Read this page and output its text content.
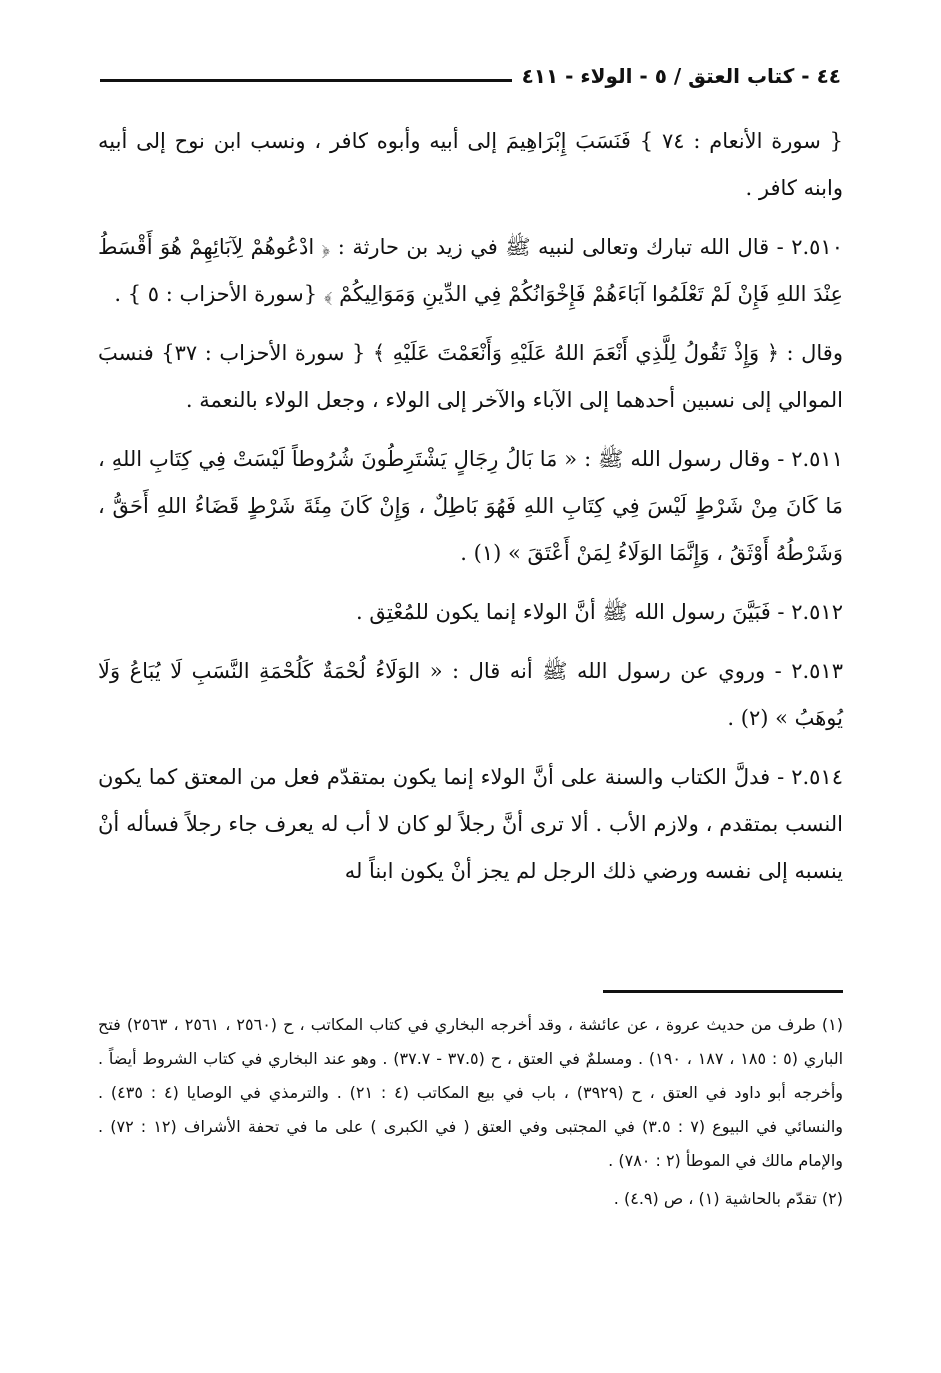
٤٤ - كتاب العتق / ٥ - الولاء - ٤١١

{ سورة الأنعام : ٧٤ } فَنَسَبَ إِبْرَاهِيمَ إلى أبيه وأبوه كافر ، ونسب ابن نوح إلى أبيه وابنه كافر .

٢.٥١٠ - قال الله تبارك وتعالى لنبيه ﷺ في زيد بن حارثة : ﴿ ادْعُوهُمْ لِآبَائِهِمْ هُوَ أَقْسَطُ عِنْدَ اللهِ فَإِنْ لَمْ تَعْلَمُوا آبَاءَهُمْ فَإِخْوَانُكُمْ فِي الدِّينِ وَمَوَالِيكُمْ ﴾ {سورة الأحزاب : ٥ } .

وقال : ﴿ وَإِذْ تَقُولُ لِلَّذِي أَنْعَمَ اللهُ عَلَيْهِ وَأَنْعَمْتَ عَلَيْهِ ﴾ { سورة الأحزاب : ٣٧} فنسبَ الموالي إلى نسبين أحدهما إلى الآباء والآخر إلى الولاء ، وجعل الولاء بالنعمة .

٢.٥١١ - وقال رسول الله ﷺ : « مَا بَالُ رِجَالٍ يَشْتَرِطُونَ شُرُوطاً لَيْسَتْ فِي كِتَابِ اللهِ ، مَا كَانَ مِنْ شَرْطٍ لَيْسَ فِي كِتَابِ اللهِ فَهُوَ بَاطِلٌ ، وَإِنْ كَانَ مِئَةَ شَرْطٍ قَضَاءُ اللهِ أَحَقُّ ، وَشَرْطُهُ أَوْثَقُ ، وَإِنَّمَا الوَلَاءُ لِمَنْ أَعْتَقَ » (١) .

٢.٥١٢ - فَبَيَّنَ رسول الله ﷺ أنَّ الولاء إنما يكون للمُعْتِق .

٢.٥١٣ - وروي عن رسول الله ﷺ أنه قال : « الوَلَاءُ لُحْمَةٌ كَلُحْمَةِ النَّسَبِ لَا يُبَاعُ وَلَا يُوهَبُ » (٢) .

٢.٥١٤ - فدلَّ الكتاب والسنة على أنَّ الولاء إنما يكون بمتقدّم فعل من المعتق كما يكون النسب بمتقدم ، ولازم الأب . ألا ترى أنَّ رجلاً لو كان لا أب له يعرف جاء رجلاً فسأله أنْ ينسبه إلى نفسه ورضي ذلك الرجل لم يجز أنْ يكون ابناً له

(١) طرف من حديث عروة ، عن عائشة ، وقد أخرجه البخاري في كتاب المكاتب ، ح (٢٥٦٠ ، ٢٥٦١ ، ٢٥٦٣) فتح الباري (٥ : ١٨٥ ، ١٨٧ ، ١٩٠) . ومسلمٌ في العتق ، ح (٣٧.٥ - ٣٧.٧) . وهو عند البخاري في كتاب الشروط أيضاً . وأخرجه أبو داود في العتق ، ح (٣٩٢٩) ، باب في بيع المكاتب (٤ : ٢١) . والترمذي في الوصايا (٤ : ٤٣٥) . والنسائي في البيوع (٧ : ٣.٥) في المجتبى وفي العتق ( في الكبرى ) على ما في تحفة الأشراف (١٢ : ٧٢) . والإمام مالك في الموطأ (٢ : ٧٨٠) .

(٢) تقدّم بالحاشية (١) ، ص (٤.٩) .
